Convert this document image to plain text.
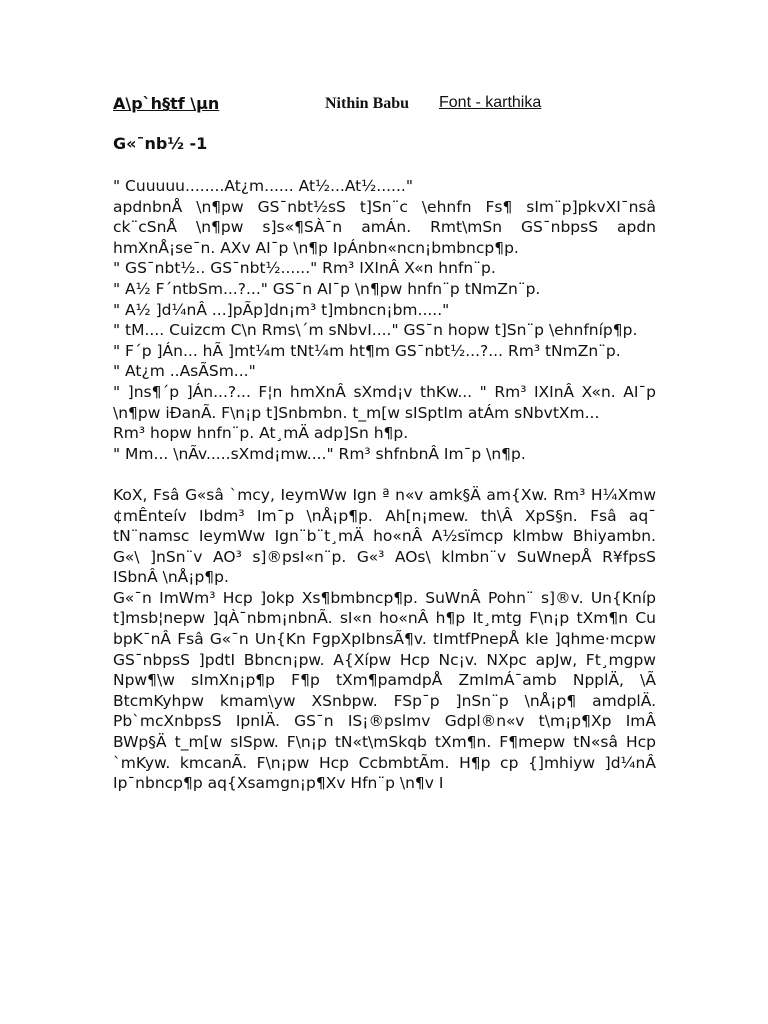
A\p`h§tf \µn	Nithin Babu Font - karthika
G«¯nb½ -1

" Cuuuuu........At¿m...... At½...At½......"

apdnbnÅ \n¶pw GS¯nbt½sS t]Sn¨c \ehnfn Fs¶ sIm¨p]pkvXI¯nsâ ck¨cSnÅ \n¶pw s]s«¶SÀ¯n amÁn. Rmt\mSn GS¯nbpsS apdn hmXnÅ¡se¯n. AXv AI¯p \n¶p IpÁnbn«ncn¡bmbncp¶p.

" GS¯nbt½.. GS¯nbt½......" Rm³ IXInÂ X«n hnfn¨p.

" A½ F´ntbSm...?..." GS¯n AI¯p \n¶pw hnfn¨p tNmZn¨p.

" A½ ]d¼nÂ ...]pÃp]dn¡m³ t]mbncn¡bm....."

" tM.... Cuizcm C\n Rms\´m sNbvI...." GS¯n hopw t]Sn¨p \ehnfníp¶p.

" F´p ]Án... hÃ ]mt¼m tNt¼m ht¶m GS¯nbt½...?... Rm³ tNmZn¨p.

" At¿m ..AsÃSm..."

" ]ns¶´p ]Án...?... F¦n hmXnÂ sXmd¡v thKw... " Rm³ IXInÂ X«n. AI¯p \n¶pw iÐanÃ. F\n¡p t]Snbmbn. t_m[w sISptIm atÁm sNbvtXm...

Rm³ hopw hnfn¨p. At¸mÄ adp]Sn h¶p.

" Mm... \nÃv.....sXmd¡mw...." Rm³ shfnbnÂ Im¯p \n¶p.

KoX, Fsâ G«sâ `mcy, IeymWw Ign ª n«v amk§Ä am{Xw. Rm³ H¼Xmw ¢mÊnteív Ibdm³ Im¯p \nÅ¡p¶p. Ah[n¡mew. th\Â XpS§n. Fsâ aq¯ tN¨namsc IeymWw Ign¨b¨t¸mÄ ho«nÂ A½sïmcp klmbw Bhiyambn. G«\ ]nSn¨v AO³ s]®psI«n¨p. G«³ AOs\ klmbn¨v SuWnepÅ R¥fpsS ISbnÂ \nÅ¡p¶p.

G«¯n ImWm³ Hcp ]okp Xs¶bmbncp¶p. SuWnÂ Pohn¨ s]®v. Un{Kníp t]msb¦nepw ]qÀ¯nbm¡nbnÃ. sI«n ho«nÂ h¶p It¸mtg F\n¡p tXm¶n Cu bpK¯nÂ Fsâ G«¯n Un{Kn FgpXpIbnsÃ¶v. tImtfPnepÅ kIe ]qhme·mcpw GS¯nbpsS ]pdtI Bbncn¡pw. A{Xípw Hcp Nc¡v. NXpc apJw, Ft¸mgpw Npw¶\w sImXn¡p¶p F¶p tXm¶pamdpÅ ZmImÁ¯amb NpplÄ, \Ã BtcmKyhpw kmam\yw XSnbpw. FSp¯p ]nSn¨p \nÅ¡p¶ amdplÄ. Pb`mcXnbpsS IpnIÄ. GS¯n IS¡®pslmv Gdpl®n«v t\m¡p¶Xp ImÂ BWp§Ä t_m[w sISpw. F\n¡p tN«t\mSkqb tXm¶n. F¶mepw tN«sâ Hcp `mKyw. kmcanÃ. F\n¡pw Hcp CcbmbtÃm. H¶p cp {]mhiyw ]d¼nÂ Ip¯nbncp¶p aq{Xsamgn¡p¶Xv Hfn¨p \n¶v I
